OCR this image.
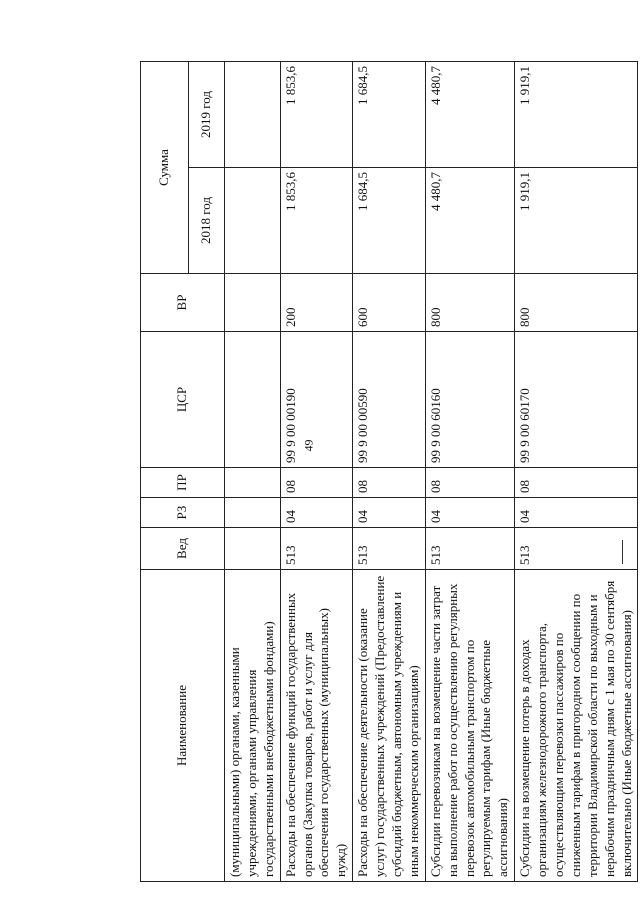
49
Наименование	Вед	РЗ	ПР	ЦСР	ВР	Сумма	
						2018 год	2019 год
(муниципальными) органами, казенными учреждениями, органами управления государственными внебюджетными фондами)							
Расходы на обеспечение функций государственных органов (Закупка товаров, работ и услуг для обеспечения государственных (муниципальных) нужд)	513	04	08	99 9 00 00190	200	1 853,6	1 853,6
Расходы на обеспечение деятельности (оказание услуг) государственных учреждений (Предоставление субсидий бюджетным, автономным учреждениям и иным некоммерческим организациям)	513	04	08	99 9 00 00590	600	1 684,5	1 684,5
Субсидии перевозчикам на возмещение части затрат на выполнение работ по осуществлению регулярных перевозок автомобильным транспортом по регулируемым тарифам (Иные бюджетные ассигнования)	513	04	08	99 9 00 60160	800	4 480,7	4 480,7
Субсидии на возмещение потерь в доходах организациям железнодорожного транспорта, осуществляющим перевозки пассажиров по сниженным тарифам в пригородном сообщении по территории Владимирской области по выходным и нерабочим праздничным дням с 1 мая по 30 сентября включительно (Иные бюджетные ассигнования)	513	04	08	99 9 00 60170	800	1 919,1	1 919,1
